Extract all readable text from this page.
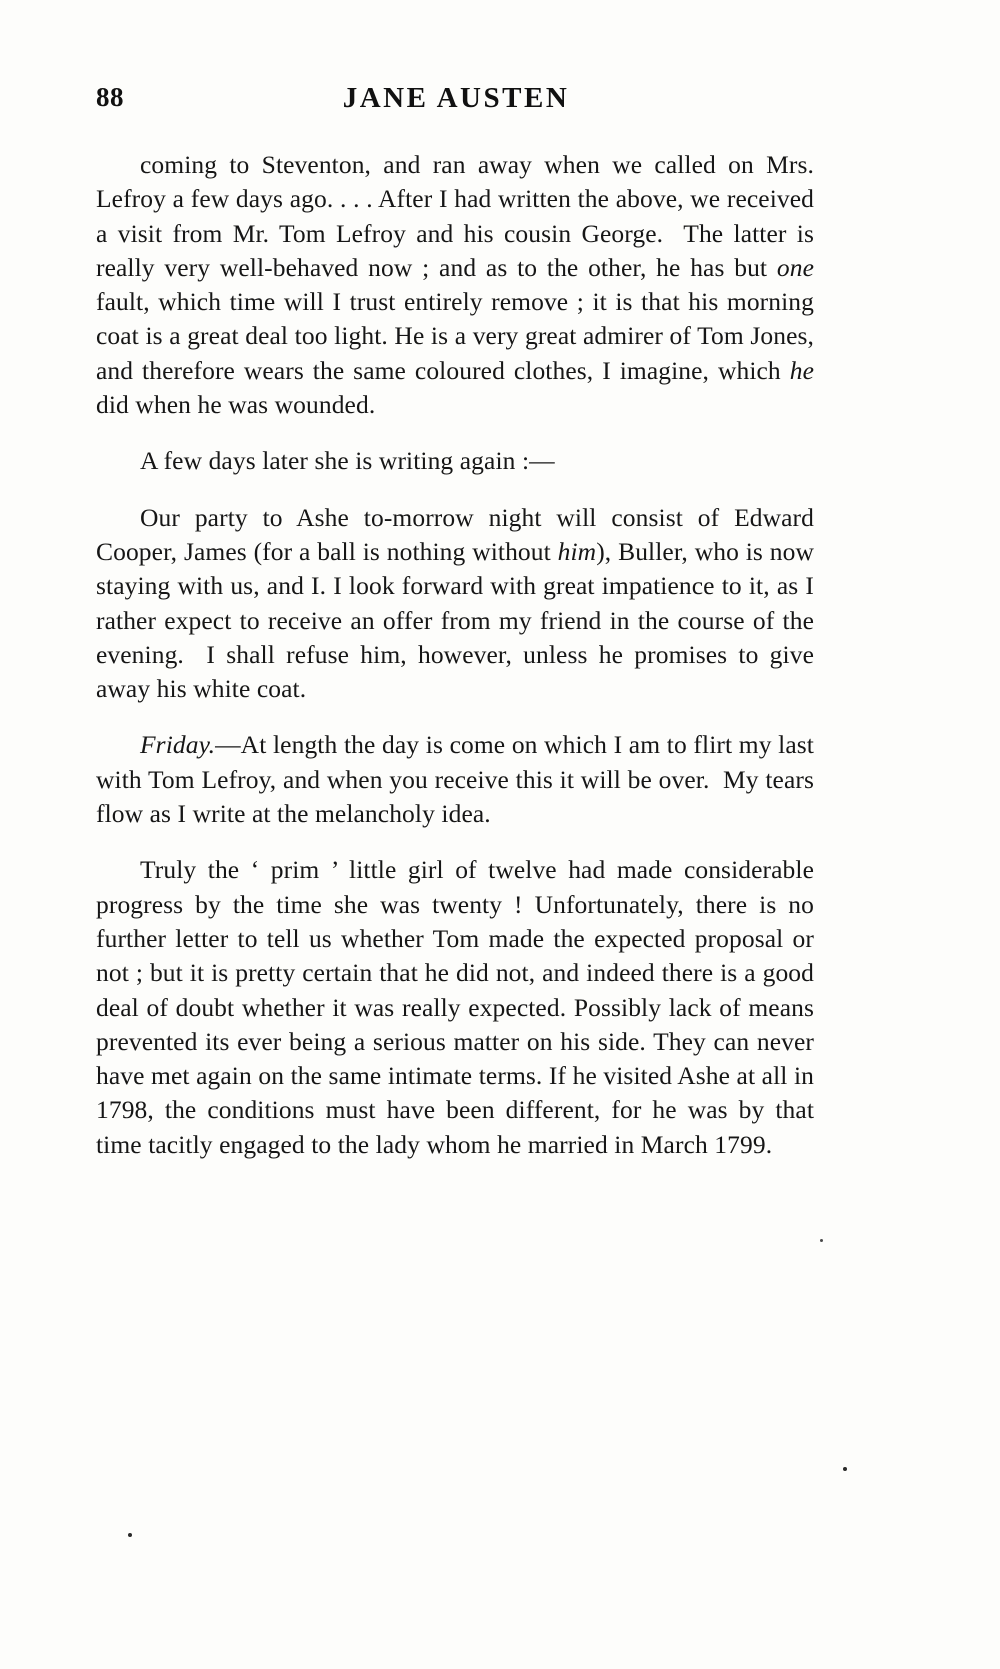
88	JANE AUSTEN

coming to Steventon, and ran away when we called on Mrs. Lefroy a few days ago. . . . After I had written the above, we received a visit from Mr. Tom Lefroy and his cousin George.  The latter is really very well-behaved now ; and as to the other, he has but one fault, which time will I trust entirely remove ; it is that his morning coat is a great deal too light. He is a very great admirer of Tom Jones, and therefore wears the same coloured clothes, I imagine, which he did when he was wounded.

A few days later she is writing again :—

Our party to Ashe to-morrow night will consist of Edward Cooper, James (for a ball is nothing without him), Buller, who is now staying with us, and I. I look forward with great impatience to it, as I rather expect to receive an offer from my friend in the course of the evening.  I shall refuse him, however, unless he promises to give away his white coat.

Friday.—At length the day is come on which I am to flirt my last with Tom Lefroy, and when you receive this it will be over.  My tears flow as I write at the melancholy idea.

Truly the ‘ prim ’ little girl of twelve had made considerable progress by the time she was twenty ! Unfortunately, there is no further letter to tell us whether Tom made the expected proposal or not ; but it is pretty certain that he did not, and indeed there is a good deal of doubt whether it was really expected. Possibly lack of means prevented its ever being a serious matter on his side. They can never have met again on the same intimate terms. If he visited Ashe at all in 1798, the conditions must have been different, for he was by that time tacitly engaged to the lady whom he married in March 1799.
